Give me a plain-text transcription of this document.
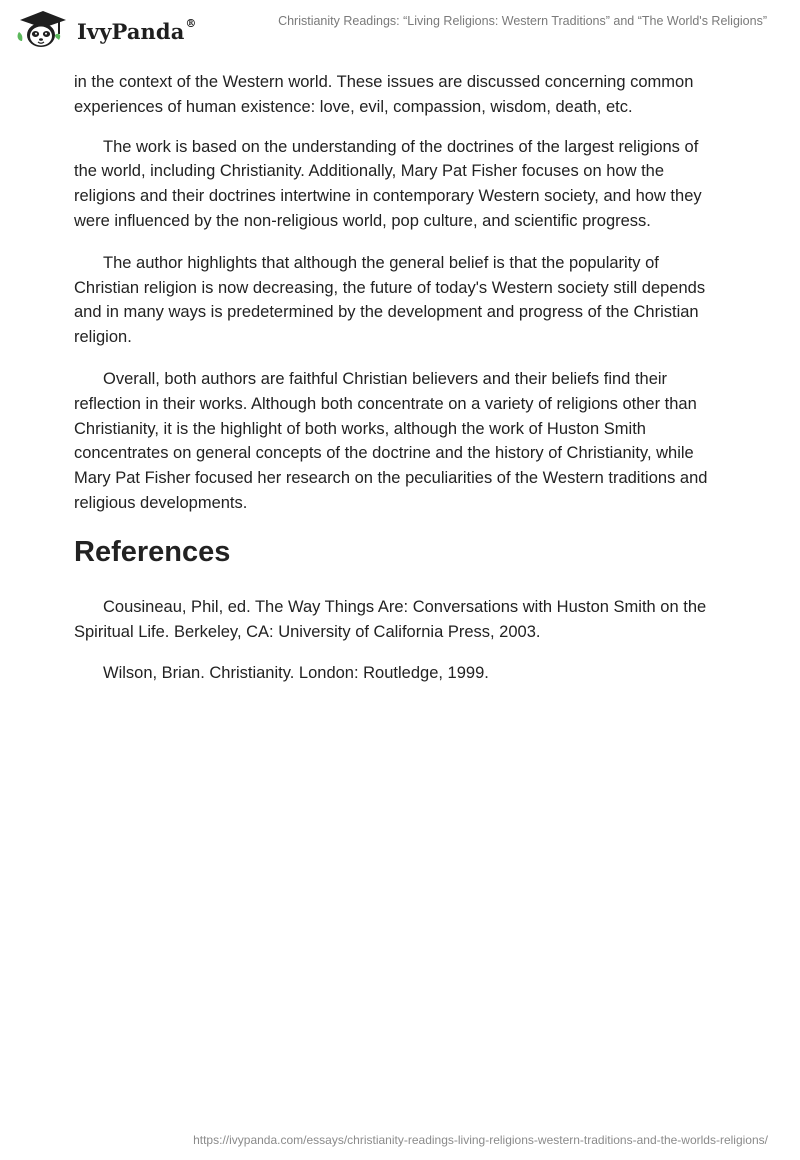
IvyPanda®	Christianity Readings: “Living Religions: Western Traditions” and “The World's Religions”

in the context of the Western world. These issues are discussed concerning common experiences of human existence: love, evil, compassion, wisdom, death, etc.

The work is based on the understanding of the doctrines of the largest religions of the world, including Christianity. Additionally, Mary Pat Fisher focuses on how the religions and their doctrines intertwine in contemporary Western society, and how they were influenced by the non-religious world, pop culture, and scientific progress.

The author highlights that although the general belief is that the popularity of Christian religion is now decreasing, the future of today's Western society still depends and in many ways is predetermined by the development and progress of the Christian religion.

Overall, both authors are faithful Christian believers and their beliefs find their reflection in their works. Although both concentrate on a variety of religions other than Christianity, it is the highlight of both works, although the work of Huston Smith concentrates on general concepts of the doctrine and the history of Christianity, while Mary Pat Fisher focused her research on the peculiarities of the Western traditions and religious developments.

References

Cousineau, Phil, ed. The Way Things Are: Conversations with Huston Smith on the Spiritual Life. Berkeley, CA: University of California Press, 2003.

Wilson, Brian. Christianity. London: Routledge, 1999.

https://ivypanda.com/essays/christianity-readings-living-religions-western-traditions-and-the-worlds-religions/
